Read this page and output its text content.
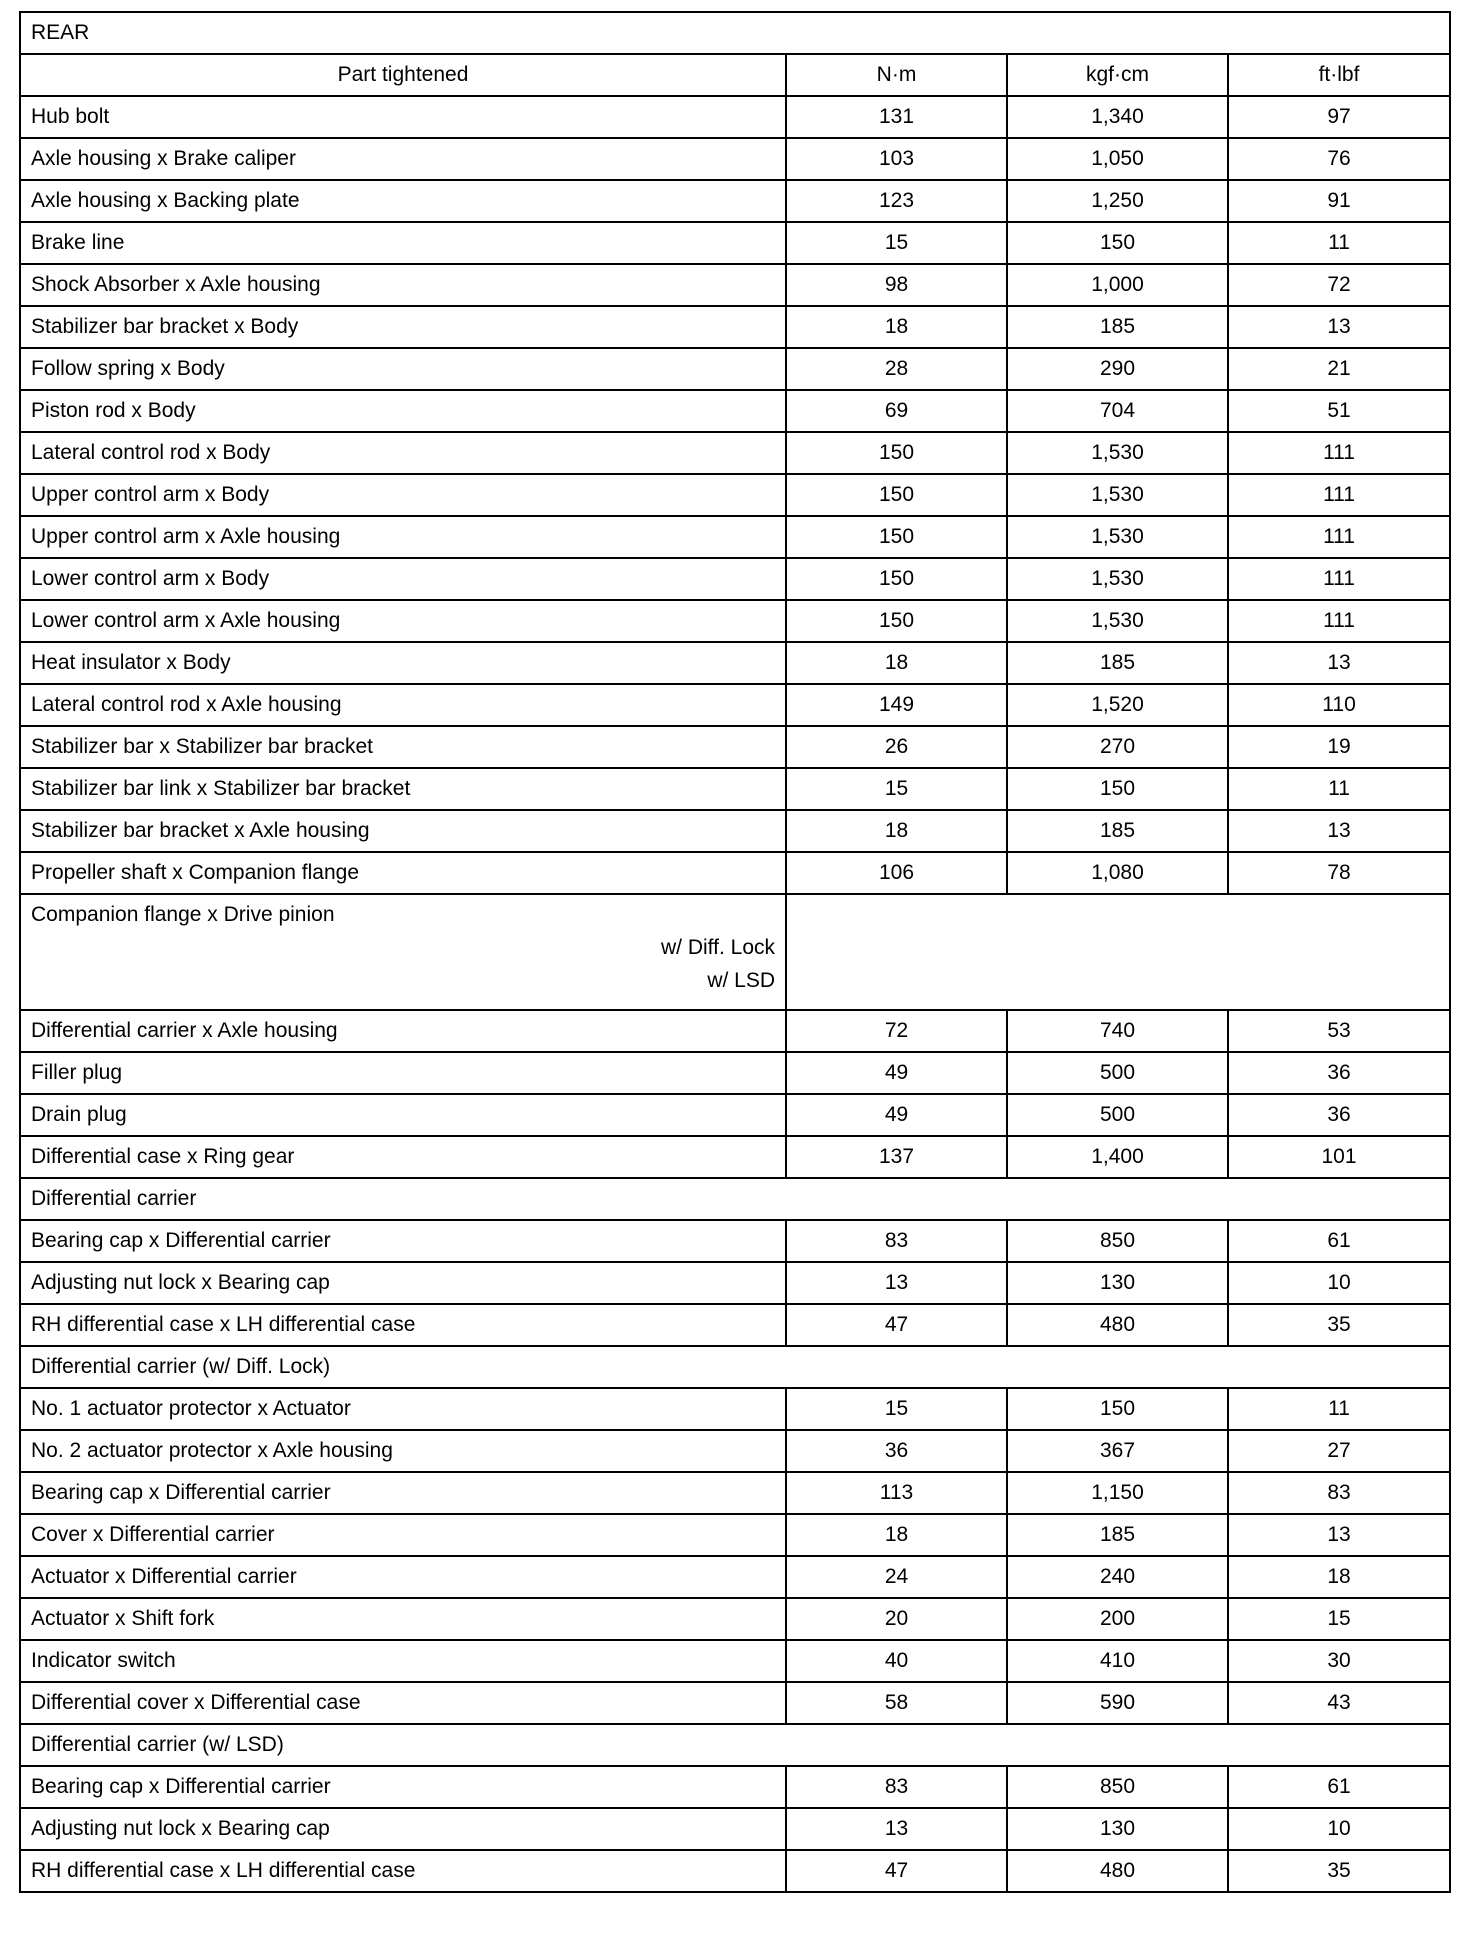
REAR			
Part tightened	N·m	kgf·cm	ft·lbf
Hub bolt	131	1,340	97
Axle housing x Brake caliper	103	1,050	76
Axle housing x Backing plate	123	1,250	91
Brake line	15	150	11
Shock Absorber x Axle housing	98	1,000	72
Stabilizer bar bracket x Body	18	185	13
Follow spring x Body	28	290	21
Piston rod x Body	69	704	51
Lateral control rod x Body	150	1,530	111
Upper control arm x Body	150	1,530	111
Upper control arm x Axle housing	150	1,530	111
Lower control arm x Body	150	1,530	111
Lower control arm x Axle housing	150	1,530	111
Heat insulator x Body	18	185	13
Lateral control rod x Axle housing	149	1,520	110
Stabilizer bar x Stabilizer bar bracket	26	270	19
Stabilizer bar link x Stabilizer bar bracket	15	150	11
Stabilizer bar bracket x Axle housing	18	185	13
Propeller shaft x Companion flange	106	1,080	78

Companion flange x Drive pinion
w/ Diff. Lock
w/ LSD			

Differential carrier x Axle housing	72	740	53
Filler plug	49	500	36
Drain plug	49	500	36
Differential case x Ring gear	137	1,400	101
Differential carrier			
Bearing cap x Differential carrier	83	850	61
Adjusting nut lock x Bearing cap	13	130	10
RH differential case x LH differential case	47	480	35
Differential carrier (w/ Diff. Lock)			
No. 1 actuator protector x Actuator	15	150	11
No. 2 actuator protector x Axle housing	36	367	27
Bearing cap x Differential carrier	113	1,150	83
Cover x Differential carrier	18	185	13
Actuator x Differential carrier	24	240	18
Actuator x Shift fork	20	200	15
Indicator switch	40	410	30
Differential cover x Differential case	58	590	43
Differential carrier (w/ LSD)			
Bearing cap x Differential carrier	83	850	61
Adjusting nut lock x Bearing cap	13	130	10
RH differential case x LH differential case	47	480	35
